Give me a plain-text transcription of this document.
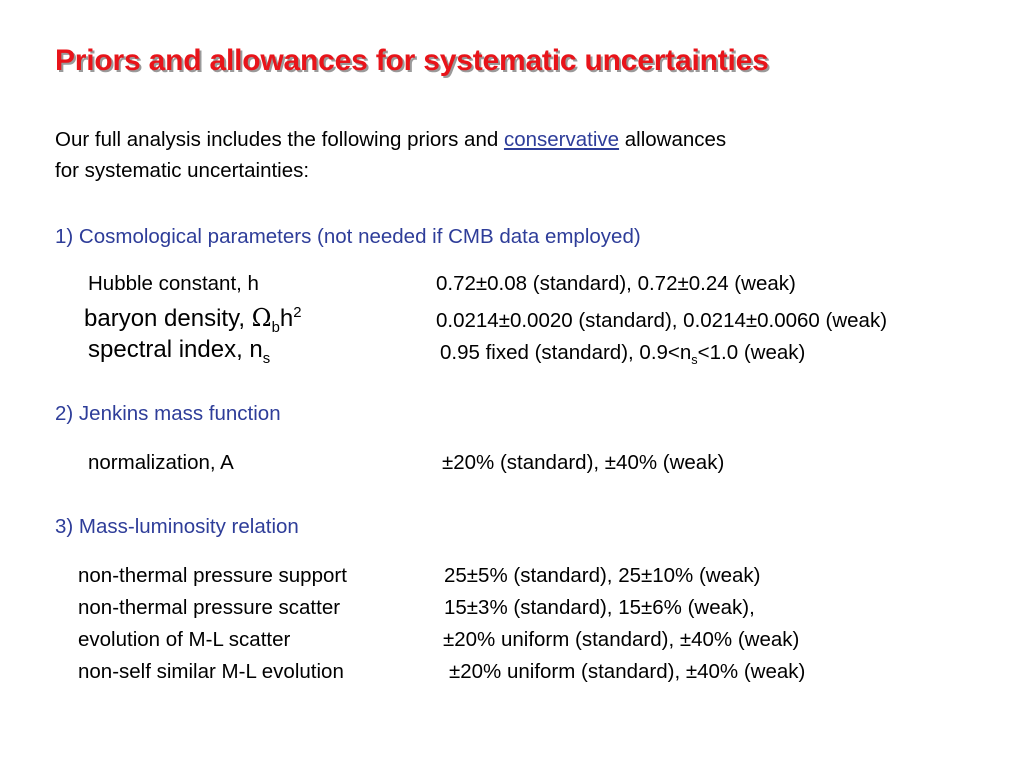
Priors and allowances for systematic uncertainties
Our full analysis includes the following priors and conservative allowances
for systematic uncertainties:
1) Cosmological parameters (not needed if CMB data employed)
Hubble constant, h	0.72±0.08 (standard), 0.72±0.24 (weak)
baryon density, $\Omega_bh^2$	0.0214±0.0020 (standard), 0.0214±0.0060 (weak)
spectral index, $n_s$	0.95 fixed (standard), $0.9<n_s<1.0$ (weak)
2) Jenkins mass function
normalization, A	±20% (standard), ±40% (weak)
3) Mass-luminosity relation
non-thermal pressure support	25±5% (standard), 25±10% (weak)
non-thermal pressure scatter	15±3% (standard), 15±6% (weak),
evolution of M-L scatter	±20% uniform (standard), ±40% (weak)
non-self similar M-L evolution	±20% uniform (standard), ±40% (weak)
